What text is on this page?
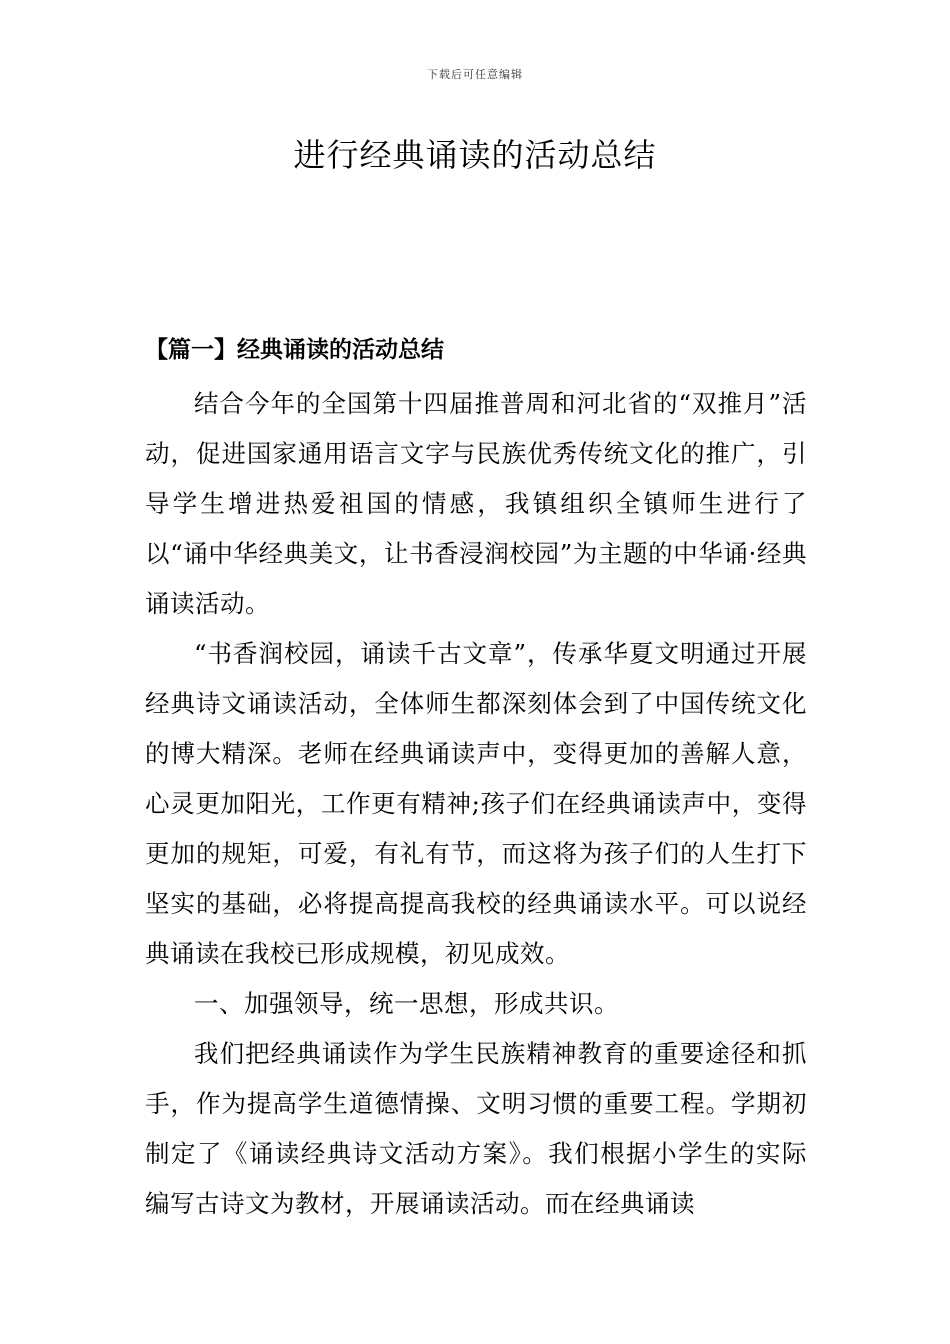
下载后可任意编辑
进行经典诵读的活动总结
【篇一】经典诵读的活动总结

结合今年的全国第十四届推普周和河北省的“双推月”活动，促进国家通用语言文字与民族优秀传统文化的推广，引导学生增进热爱祖国的情感，我镇组织全镇师生进行了以“诵中华经典美文，让书香浸润校园”为主题的中华诵·经典诵读活动。

“书香润校园，诵读千古文章”，传承华夏文明通过开展经典诗文诵读活动，全体师生都深刻体会到了中国传统文化的博大精深。老师在经典诵读声中，变得更加的善解人意，心灵更加阳光，工作更有精神;孩子们在经典诵读声中，变得更加的规矩，可爱，有礼有节，而这将为孩子们的人生打下坚实的基础，必将提高提高我校的经典诵读水平。可以说经典诵读在我校已形成规模，初见成效。

一、加强领导，统一思想，形成共识。

我们把经典诵读作为学生民族精神教育的重要途径和抓手，作为提高学生道德情操、文明习惯的重要工程。学期初制定了《诵读经典诗文活动方案》。我们根据小学生的实际编写古诗文为教材，开展诵读活动。而在经典诵读
